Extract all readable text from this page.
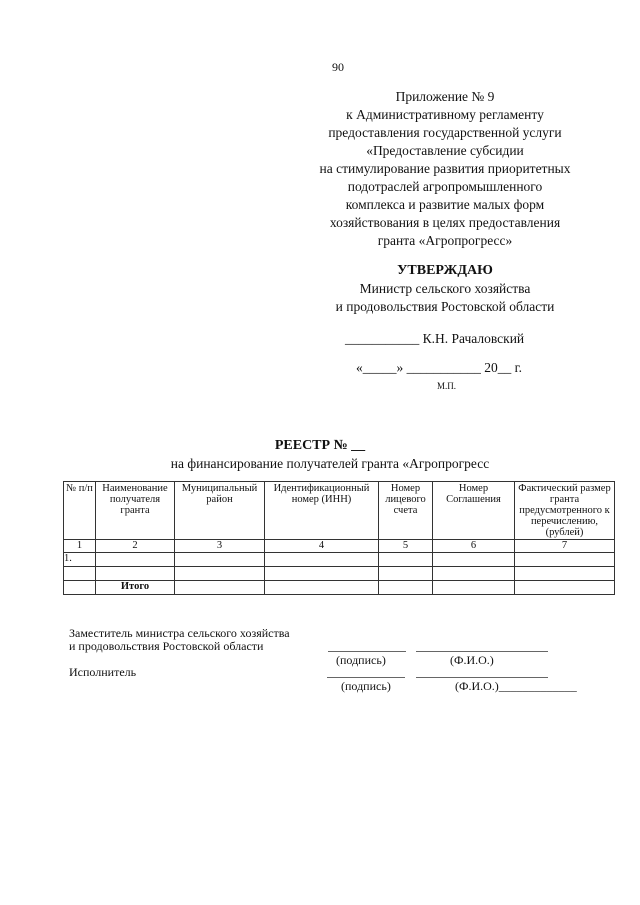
90
Приложение № 9
к Административному регламенту
предоставления государственной услуги
«Предоставление субсидии
на стимулирование развития приоритетных
подотраслей агропромышленного
комплекса и развитие малых форм
хозяйствования в целях предоставления
гранта «Агропрогресс»
УТВЕРЖДАЮ
Министр сельского хозяйства
и продовольствия Ростовской области
___________ К.Н. Рачаловский
«_____» ___________ 20__ г.
М.П.
РЕЕСТР № __
на финансирование получателей гранта «Агропрогресс
№ п/п	Наименование получателя гранта	Муниципальный район	Идентификационный номер (ИНН)	Номер лицевого счета	Номер Соглашения	Фактический размер гранта предусмотренного к перечислению, (рублей)
1	2	3	4	5	6	7
1.						

	Итого					
Заместитель министра сельского хозяйства
и продовольствия Ростовской области
(подпись)	(Ф.И.О.)
Исполнитель
(подпись)	(Ф.И.О.)_____________
